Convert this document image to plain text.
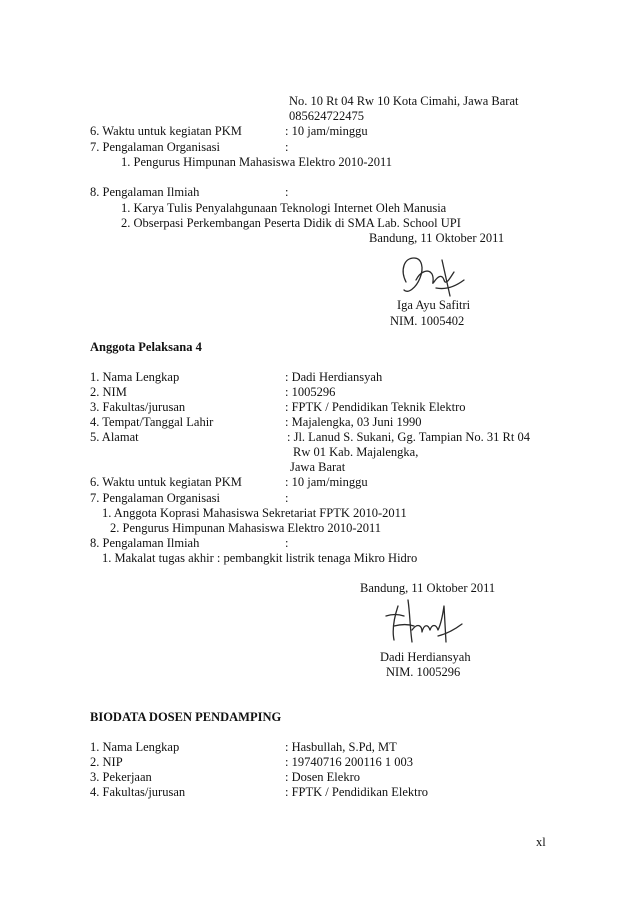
No. 10 Rt 04 Rw 10 Kota Cimahi, Jawa Barat
085624722475
6. Waktu untuk kegiatan PKM	: 10 jam/minggu
7. Pengalaman Organisasi	:
1. Pengurus Himpunan Mahasiswa Elektro 2010-2011
8. Pengalaman Ilmiah	:
1. Karya Tulis Penyalahgunaan Teknologi Internet Oleh Manusia
2. Obserpasi Perkembangan Peserta Didik di SMA Lab. School UPI
Bandung, 11 Oktober 2011
Iga Ayu Safitri
NIM. 1005402
Anggota Pelaksana 4
1. Nama Lengkap	: Dadi Herdiansyah
2. NIM	: 1005296
3. Fakultas/jurusan	: FPTK / Pendidikan Teknik Elektro
4. Tempat/Tanggal Lahir	: Majalengka, 03 Juni 1990
5. Alamat	: Jl. Lanud S. Sukani, Gg. Tampian No. 31 Rt 04
Rw 01 Kab. Majalengka,
Jawa Barat
6. Waktu untuk kegiatan PKM	: 10 jam/minggu
7. Pengalaman Organisasi	:
1. Anggota Koprasi Mahasiswa Sekretariat FPTK 2010-2011
2. Pengurus Himpunan Mahasiswa Elektro 2010-2011
8. Pengalaman Ilmiah	:
1. Makalat tugas akhir : pembangkit listrik tenaga Mikro Hidro
Bandung, 11 Oktober 2011
Dadi Herdiansyah
NIM. 1005296
BIODATA DOSEN PENDAMPING
1. Nama Lengkap	: Hasbullah, S.Pd, MT
2. NIP	: 19740716 200116 1 003
3. Pekerjaan	: Dosen Elekro
4. Fakultas/jurusan	: FPTK / Pendidikan Elektro
xl
